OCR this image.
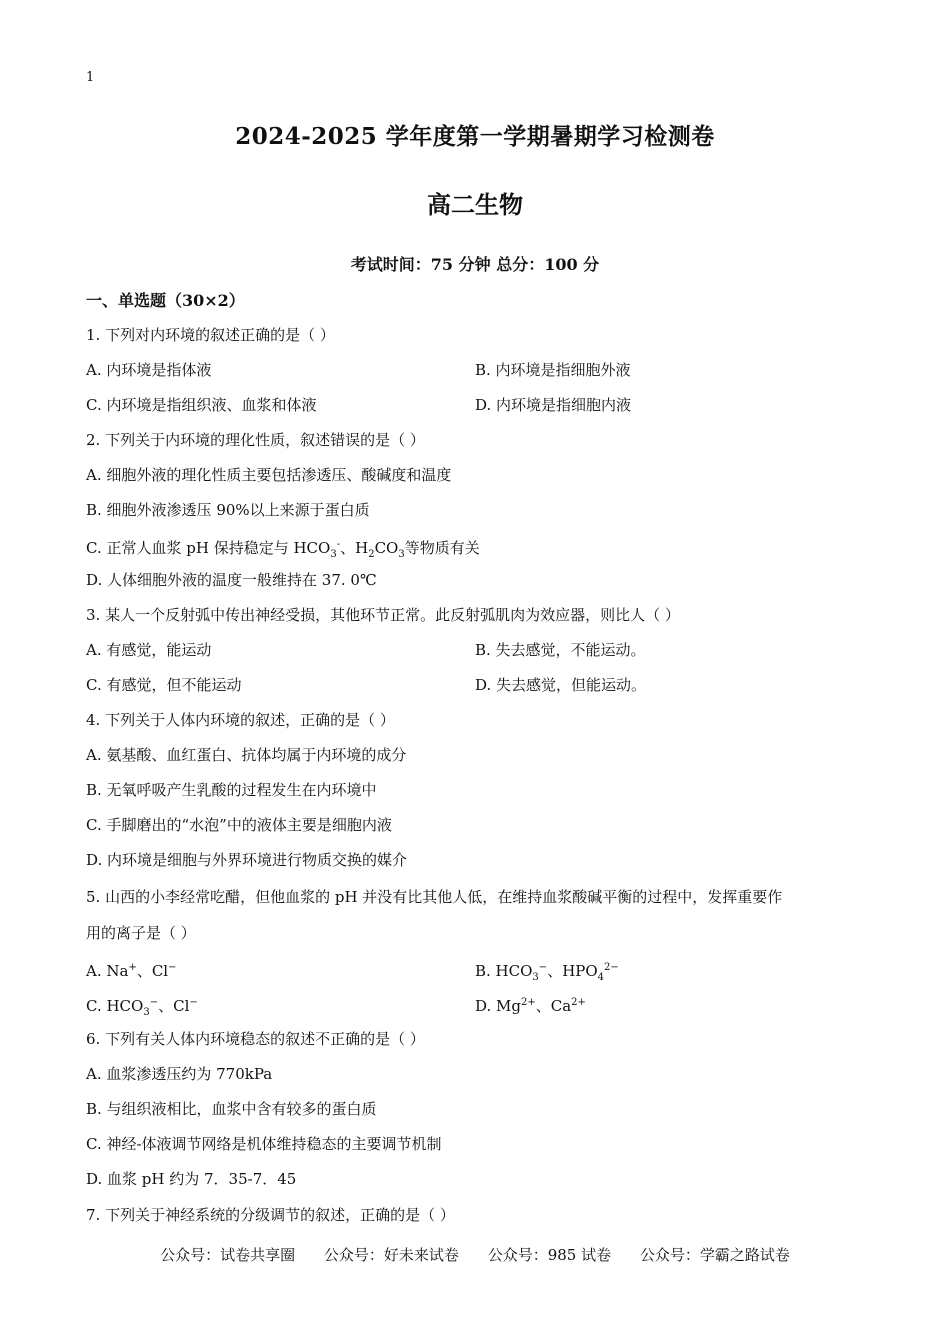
1
2024-2025 学年度第一学期暑期学习检测卷
高二生物
考试时间：75 分钟 总分：100 分
一、单选题（30×2）
1. 下列对内环境的叙述正确的是（ ）
A. 内环境是指体液	B. 内环境是指细胞外液
C. 内环境是指组织液、血浆和体液	D. 内环境是指细胞内液
2. 下列关于内环境的理化性质，叙述错误的是（ ）
A. 细胞外液的理化性质主要包括渗透压、酸碱度和温度
B. 细胞外液渗透压 90%以上来源于蛋白质
C. 正常人血浆 pH 保持稳定与 $HCO_3^-$、$H_2CO_3$等物质有关
D. 人体细胞外液的温度一般维持在 37. 0℃
3. 某人一个反射弧中传出神经受损，其他环节正常。此反射弧肌肉为效应器，则比人（ ）
A. 有感觉，能运动	B. 失去感觉，不能运动。
C. 有感觉，但不能运动	D. 失去感觉，但能运动。
4. 下列关于人体内环境的叙述，正确的是（ ）
A. 氨基酸、血红蛋白、抗体均属于内环境的成分
B. 无氧呼吸产生乳酸的过程发生在内环境中
C. 手脚磨出的“水泡”中的液体主要是细胞内液
D. 内环境是细胞与外界环境进行物质交换的媒介
5. 山西的小李经常吃醋，但他血浆的 pH 并没有比其他人低，在维持血浆酸碱平衡的过程中，发挥重要作
用的离子是（ ）
A. Na+、Cl−	B. $HCO_3^-$、$HPO_4^{2-}$
C. $HCO_3^-$、Cl−	D. $Mg^{2+}$、$Ca^{2+}$
6. 下列有关人体内环境稳态的叙述不正确的是（ ）
A. 血浆渗透压约为 770kPa
B. 与组织液相比，血浆中含有较多的蛋白质
C. 神经-体液调节网络是机体维持稳态的主要调节机制
D. 血浆 pH 约为 7．35-7．45
7. 下列关于神经系统的分级调节的叙述，正确的是（ ）
公众号：试卷共享圈 公众号：好未来试卷 公众号：985 试卷 公众号：学霸之路试卷
